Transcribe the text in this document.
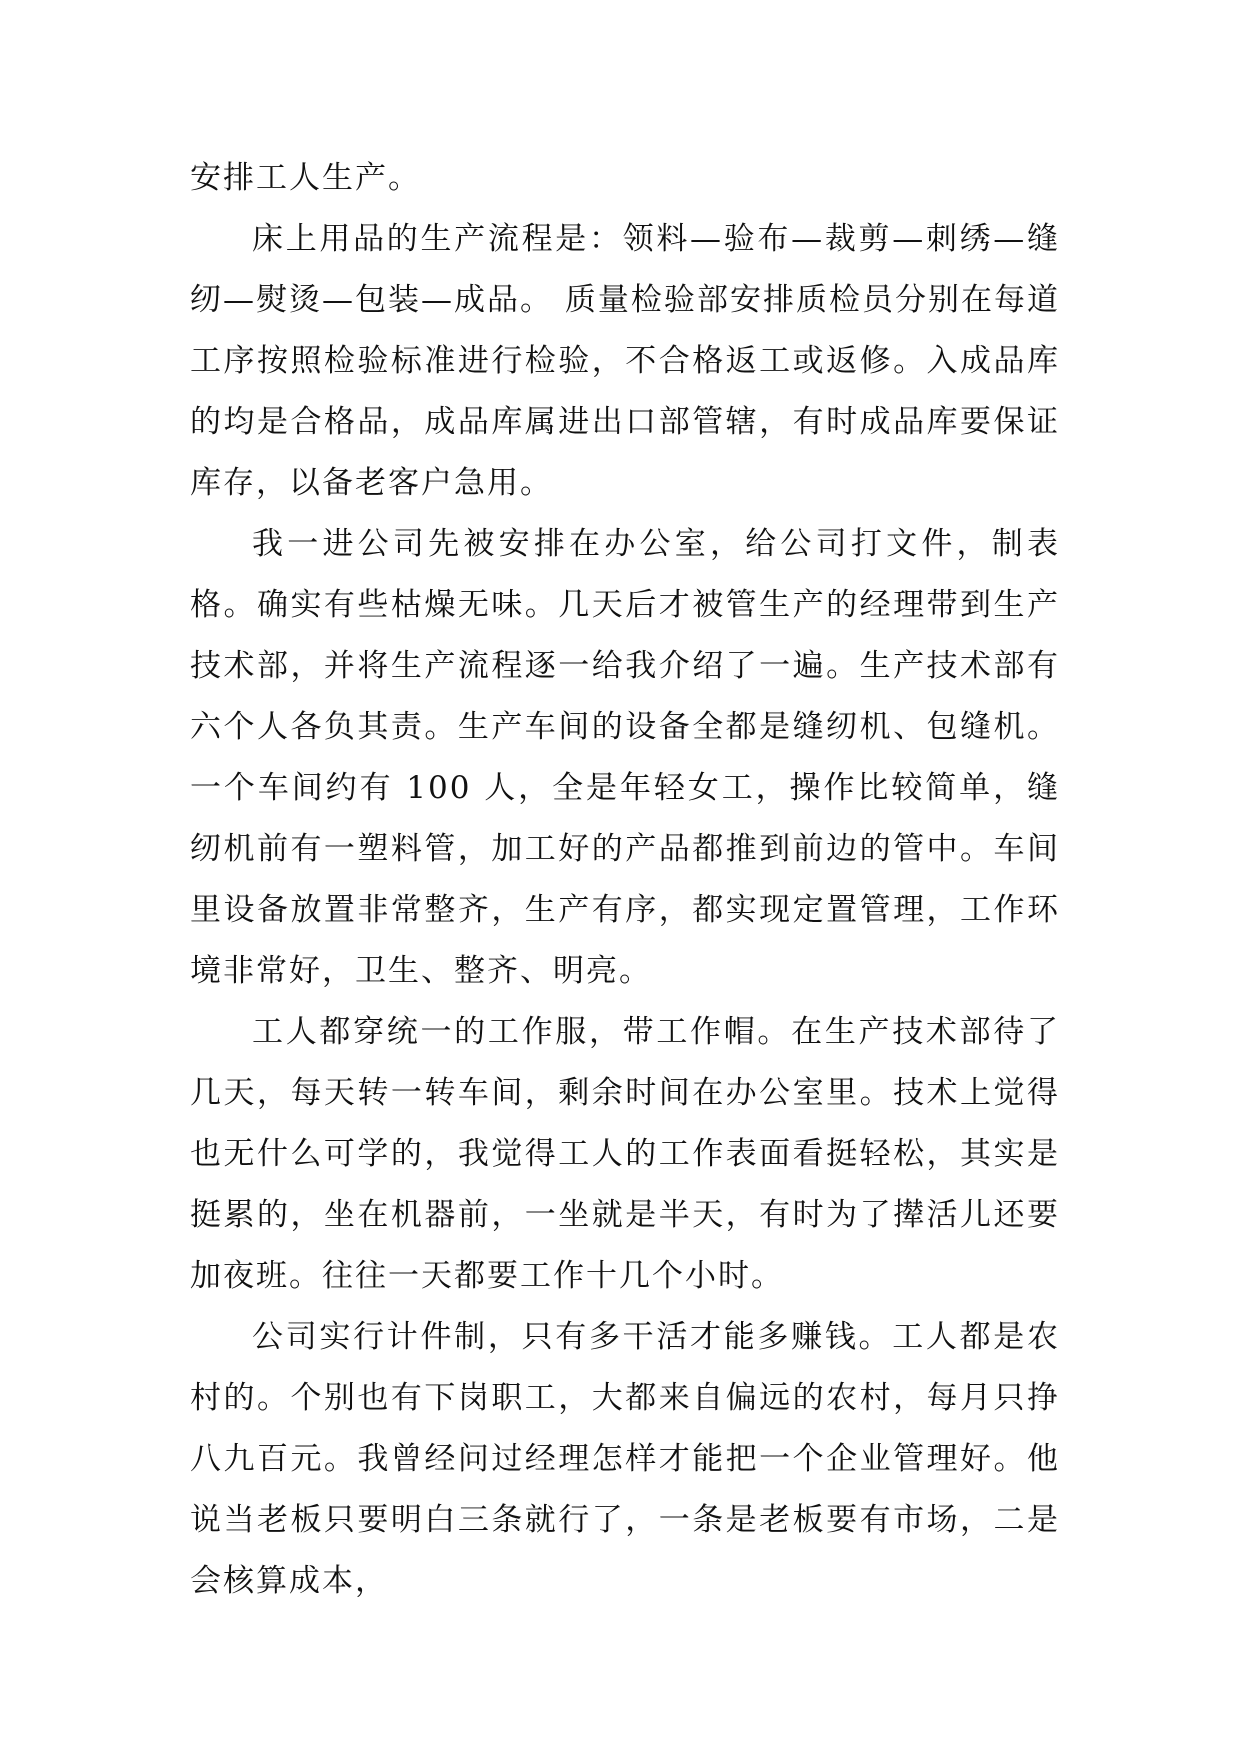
安排工人生产。

床上用品的生产流程是：领料—验布—裁剪—刺绣—缝纫—熨烫—包装—成品。 质量检验部安排质检员分别在每道工序按照检验标准进行检验，不合格返工或返修。入成品库的均是合格品，成品库属进出口部管辖，有时成品库要保证库存，以备老客户急用。

我一进公司先被安排在办公室，给公司打文件，制表格。确实有些枯燥无味。几天后才被管生产的经理带到生产技术部，并将生产流程逐一给我介绍了一遍。生产技术部有六个人各负其责。生产车间的设备全都是缝纫机、包缝机。一个车间约有 100 人，全是年轻女工，操作比较简单，缝纫机前有一塑料管，加工好的产品都推到前边的管中。车间里设备放置非常整齐，生产有序，都实现定置管理，工作环境非常好，卫生、整齐、明亮。

工人都穿统一的工作服，带工作帽。在生产技术部待了几天，每天转一转车间，剩余时间在办公室里。技术上觉得也无什么可学的，我觉得工人的工作表面看挺轻松，其实是挺累的，坐在机器前，一坐就是半天，有时为了撵活儿还要加夜班。往往一天都要工作十几个小时。

公司实行计件制，只有多干活才能多赚钱。工人都是农村的。个别也有下岗职工，大都来自偏远的农村，每月只挣八九百元。我曾经问过经理怎样才能把一个企业管理好。他说当老板只要明白三条就行了，一条是老板要有市场，二是会核算成本，
